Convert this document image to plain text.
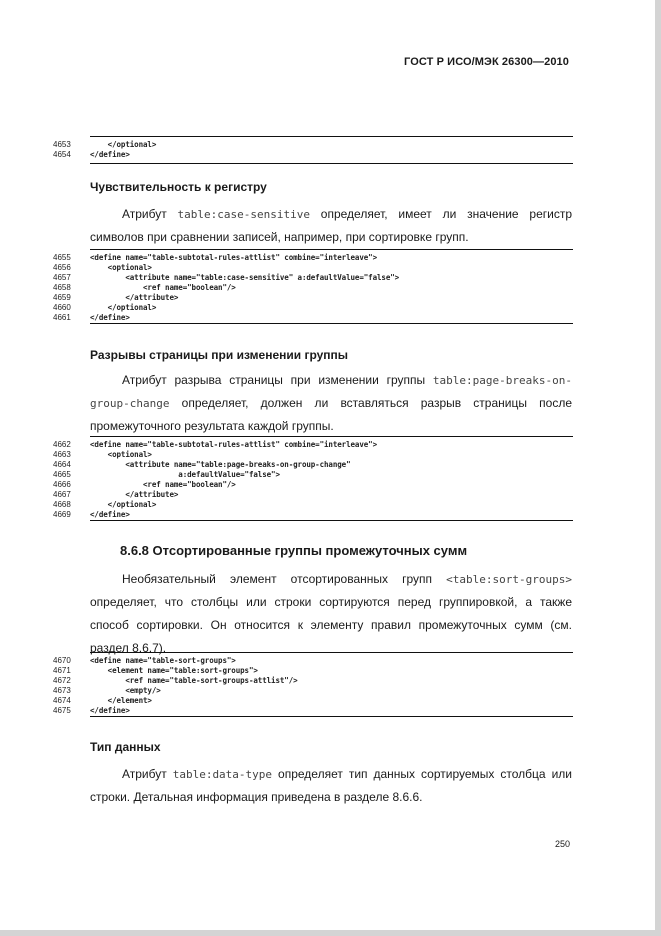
ГОСТ Р ИСО/МЭК 26300—2010
4653	</optional>
4654	</define>
Чувствительность к регистру
Атрибут table:case-sensitive определяет, имеет ли значение регистр символов при сравнении записей, например, при сортировке групп.
4655	<define name="table-subtotal-rules-attlist" combine="interleave">
4656	<optional>
4657	<attribute name="table:case-sensitive" a:defaultValue="false">
4658	<ref name="boolean"/>
4659	</attribute>
4660	</optional>
4661	</define>
Разрывы страницы при изменении группы
Атрибут разрыва страницы при изменении группы table:page-breaks-on-group-change определяет, должен ли вставляться разрыв страницы после промежуточного результата каждой группы.
4662	<define name="table-subtotal-rules-attlist" combine="interleave">
4663	<optional>
4664	<attribute name="table:page-breaks-on-group-change"
4665	a:defaultValue="false">
4666	<ref name="boolean"/>
4667	</attribute>
4668	</optional>
4669	</define>
8.6.8 Отсортированные группы промежуточных сумм
Необязательный элемент отсортированных групп <table:sort-groups> определяет, что столбцы или строки сортируются перед группировкой, а также способ сортировки. Он относится к элементу правил промежуточных сумм (см. раздел 8.6.7).
4670	<define name="table-sort-groups">
4671	<element name="table:sort-groups">
4672	<ref name="table-sort-groups-attlist"/>
4673	<empty/>
4674	</element>
4675	</define>
Тип данных
Атрибут table:data-type определяет тип данных сортируемых столбца или строки. Детальная информация приведена в разделе 8.6.6.
250
